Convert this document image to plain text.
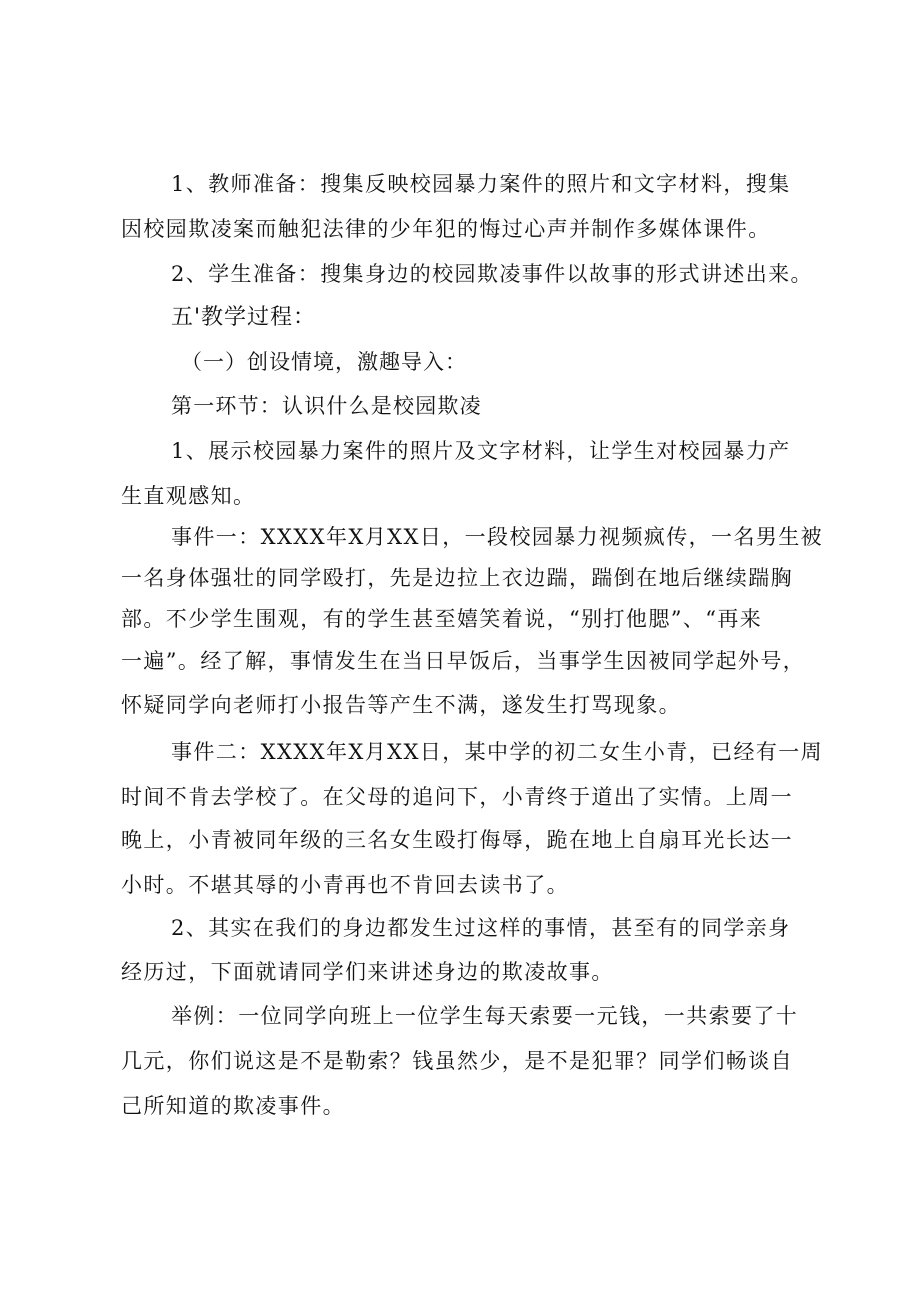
1、教师准备：搜集反映校园暴力案件的照片和文字材料，搜集
因校园欺凌案而触犯法律的少年犯的悔过心声并制作多媒体课件。
2、学生准备：搜集身边的校园欺凌事件以故事的形式讲述出来。
五'教学过程：
（一）创设情境，激趣导入：
第一环节：认识什么是校园欺凌
1、展示校园暴力案件的照片及文字材料，让学生对校园暴力产
生直观感知。
事件一：XXXX年X月XX日，一段校园暴力视频疯传，一名男生被
一名身体强壮的同学殴打，先是边拉上衣边踹，踹倒在地后继续踹胸
部。不少学生围观，有的学生甚至嬉笑着说，“别打他腮”、“再来
一遍”。经了解，事情发生在当日早饭后，当事学生因被同学起外号，
怀疑同学向老师打小报告等产生不满，遂发生打骂现象。
事件二：XXXX年X月XX日，某中学的初二女生小青，已经有一周
时间不肯去学校了。在父母的追问下，小青终于道出了实情。上周一
晚上，小青被同年级的三名女生殴打侮辱，跪在地上自扇耳光长达一
小时。不堪其辱的小青再也不肯回去读书了。
2、其实在我们的身边都发生过这样的事情，甚至有的同学亲身
经历过，下面就请同学们来讲述身边的欺凌故事。
举例：一位同学向班上一位学生每天索要一元钱，一共索要了十
几元，你们说这是不是勒索？钱虽然少，是不是犯罪？同学们畅谈自
己所知道的欺凌事件。
